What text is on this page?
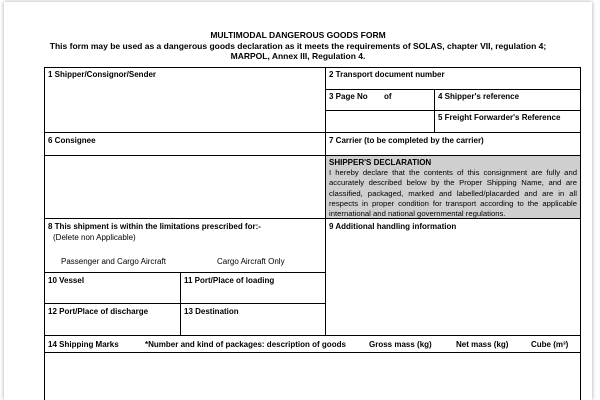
MULTIMODAL DANGEROUS GOODS FORM
This form may be used as a dangerous goods declaration as it meets the requirements of SOLAS, chapter VII, regulation 4;
MARPOL, Annex III, Regulation 4.
1 Shipper/Consignor/Sender	2 Transport document number
3 Page No of	4 Shipper's reference
5 Freight Forwarder's Reference
6 Consignee	7 Carrier (to be completed by the carrier)
SHIPPER'S DECLARATION
I hereby declare that the contents of this consignment are fully and accurately described below by the Proper Shipping Name, and are classified, packaged, marked and labelled/placarded and are in all respects in proper condition for transport according to the applicable international and national governmental regulations.
8 This shipment is within the limitations prescribed for:-
(Delete non Applicable)
Passenger and Cargo Aircraft	Cargo Aircraft Only
9 Additional handling information
10 Vessel	11 Port/Place of loading
12 Port/Place of discharge	13 Destination
14 Shipping Marks	*Number and kind of packages: description of goods	Gross mass (kg)	Net mass (kg)	Cube (m³)
